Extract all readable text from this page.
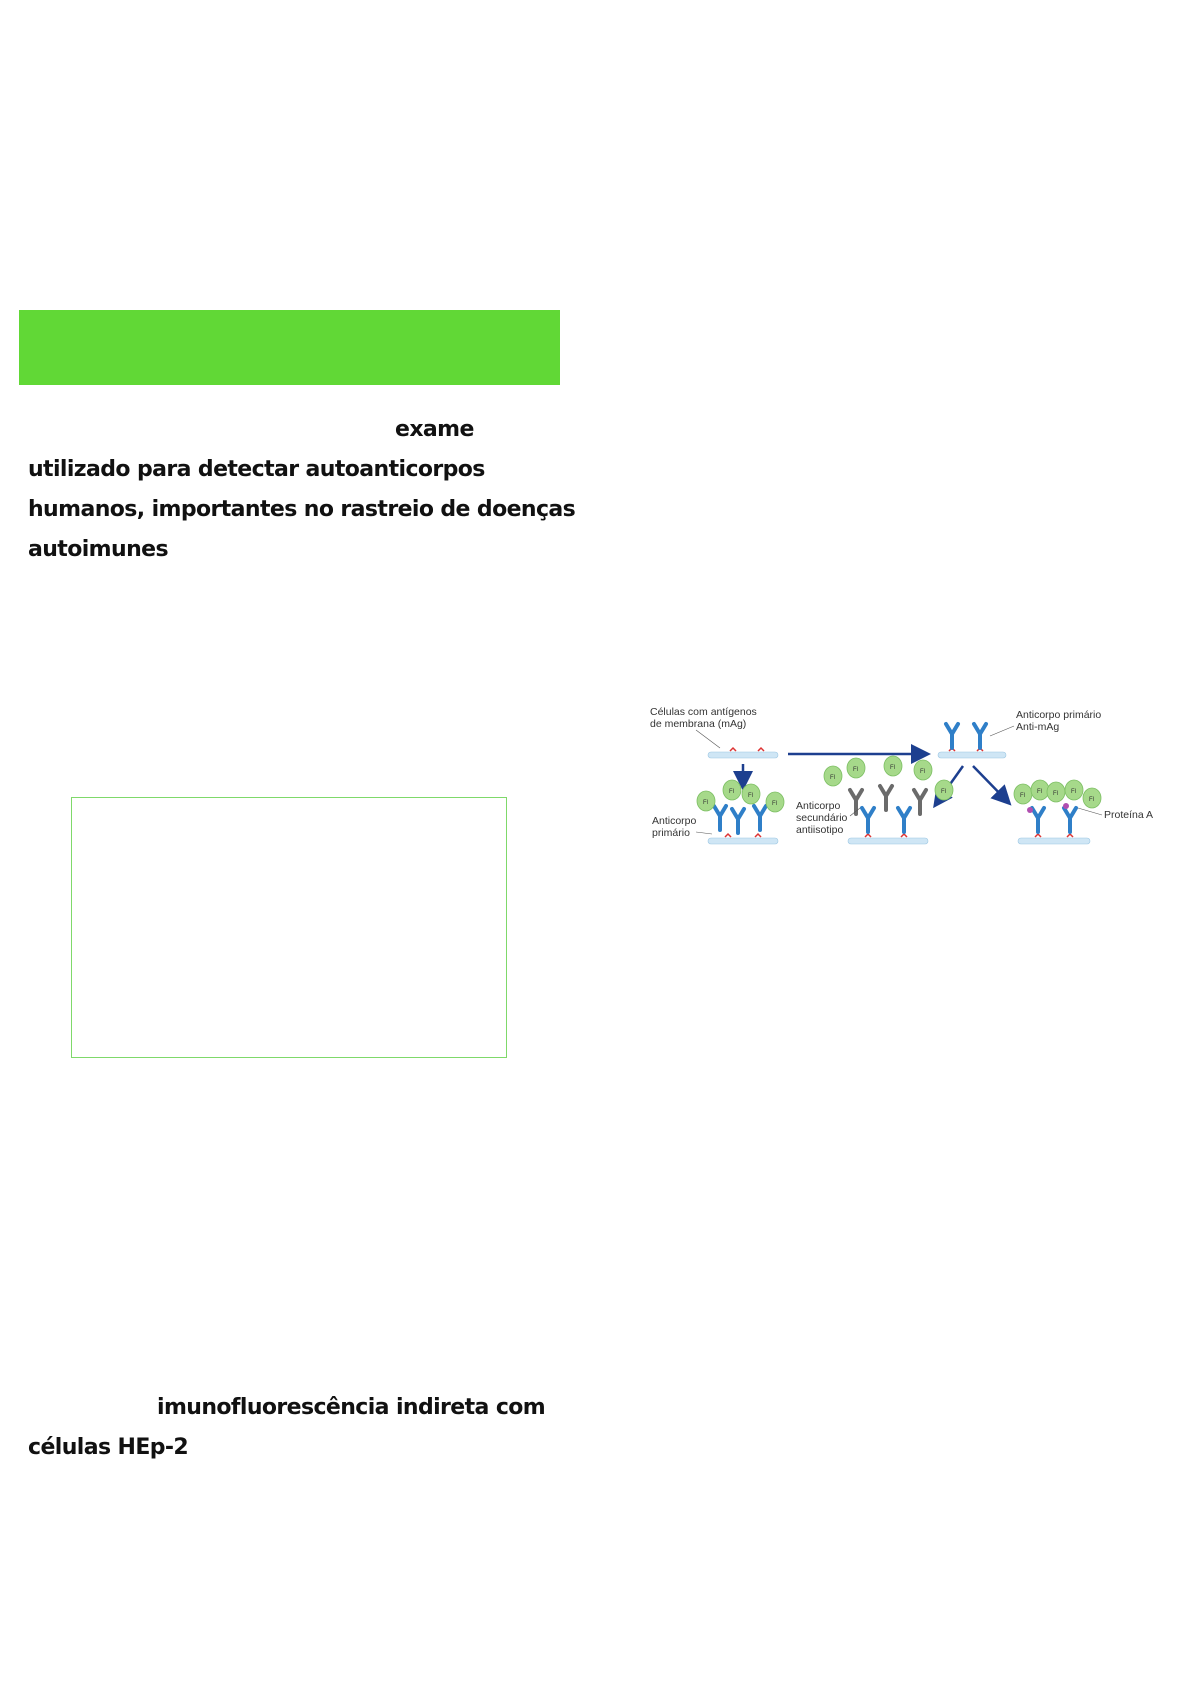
exame
utilizado para detectar autoanticorpos
humanos, importantes no rastreio de doenças
autoimunes
Fl Células com antígenos
de membrana (mAg)
Anticorpo primário
Anti-mAg
Anticorpo
primário
Anticorpo
secundário
antiisotipo
Proteína A
imunofluorescência indireta com
células HEp-2
